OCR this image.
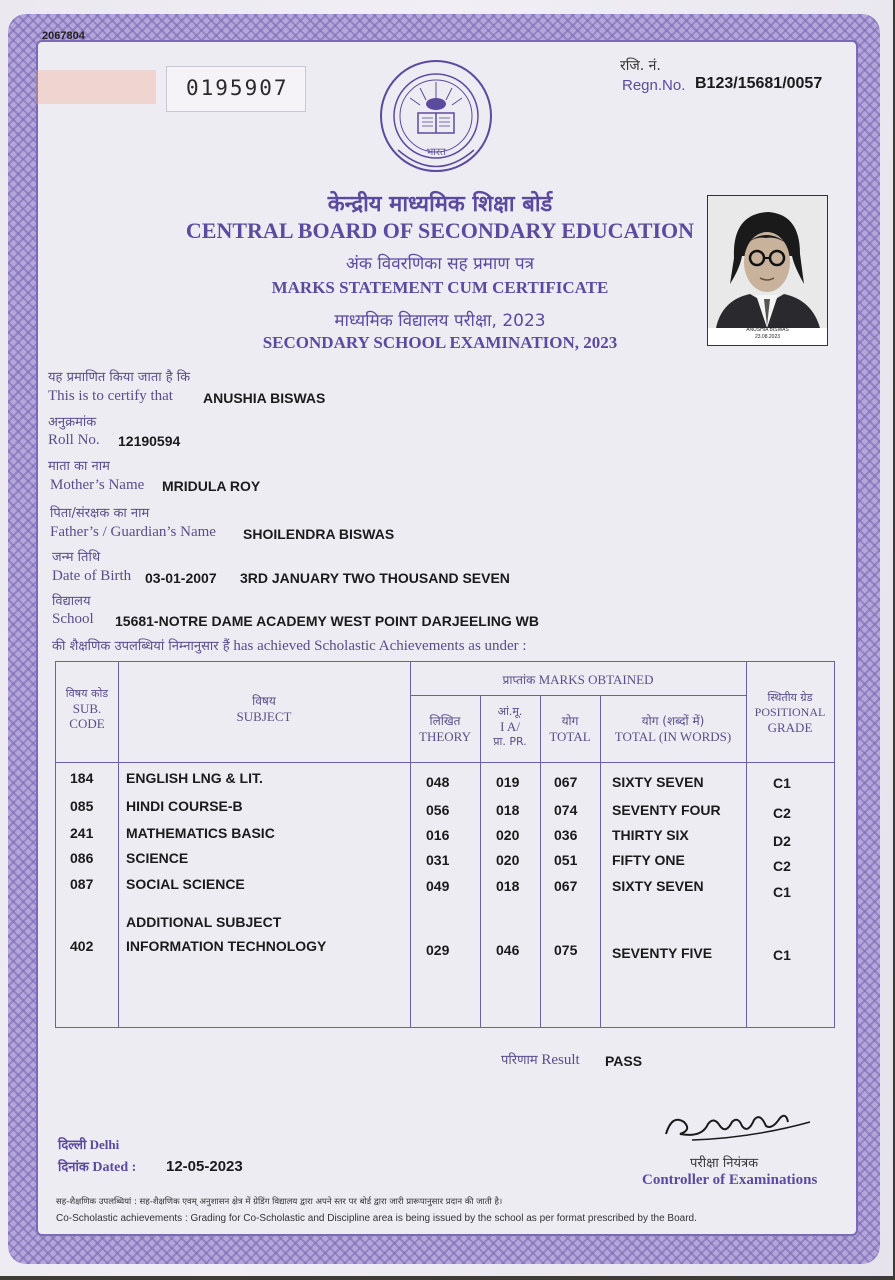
2067804
0195907
रजि. नं.
Regn.No. B123/15681/0057
भारत
केन्द्रीय माध्यमिक शिक्षा बोर्ड
CENTRAL BOARD OF SECONDARY EDUCATION
अंक विवरणिका सह प्रमाण पत्र
MARKS STATEMENT CUM CERTIFICATE
माध्यमिक विद्यालय परीक्षा, 2023
SECONDARY SCHOOL EXAMINATION, 2023
ANUSHIA BISWAS
23.08.2023
यह प्रमाणित किया जाता है कि
This is to certify that ANUSHIA BISWAS
अनुक्रमांक
Roll No. 12190594
माता का नाम
Mother’s Name MRIDULA ROY
पिता/संरक्षक का नाम
Father’s / Guardian’s Name SHOILENDRA BISWAS
जन्म तिथि
Date of Birth 03-01-2007 3RD JANUARY TWO THOUSAND SEVEN
विद्यालय
School 15681-NOTRE DAME ACADEMY WEST POINT DARJEELING WB
की शैक्षणिक उपलब्धियां निम्नानुसार हैं has achieved Scholastic Achievements as under :
विषय कोड
SUB.
CODE
विषय
SUBJECT
प्राप्तांक MARKS OBTAINED
लिखित
THEORY
आं.मू.
I A/
प्रा. PR.
योग
TOTAL
योग (शब्दों में)
TOTAL (IN WORDS)
स्थितीय ग्रेड
POSITIONAL
GRADE
184 ENGLISH LNG & LIT.	048	019 067 SIXTY SEVEN	C1
085 HINDI COURSE-B	056	018 074 SEVENTY FOUR	C2
241 MATHEMATICS BASIC	016	020 036 THIRTY SIX	D2
086 SCIENCE	031	020 051 FIFTY ONE	C2
087 SOCIAL SCIENCE	049	018 067 SIXTY SEVEN	C1
402 INFORMATION TECHNOLOGY	029	046 075 SEVENTY FIVE	C1
ADDITIONAL SUBJECT
परिणाम Result PASS
दिल्ली Delhi
दिनांक Dated : 12-05-2023	परीक्षा नियंत्रक
Controller of Examinations
सह-शैक्षणिक उपलब्धियां : सह-शैक्षणिक एवम् अनुशासन क्षेत्र में ग्रेडिंग विद्यालय द्वारा अपने स्तर पर बोर्ड द्वारा जारी प्रारूपानुसार प्रदान की जाती है।
Co-Scholastic achievements : Grading for Co-Scholastic and Discipline area is being issued by the school as per format prescribed by the Board.
